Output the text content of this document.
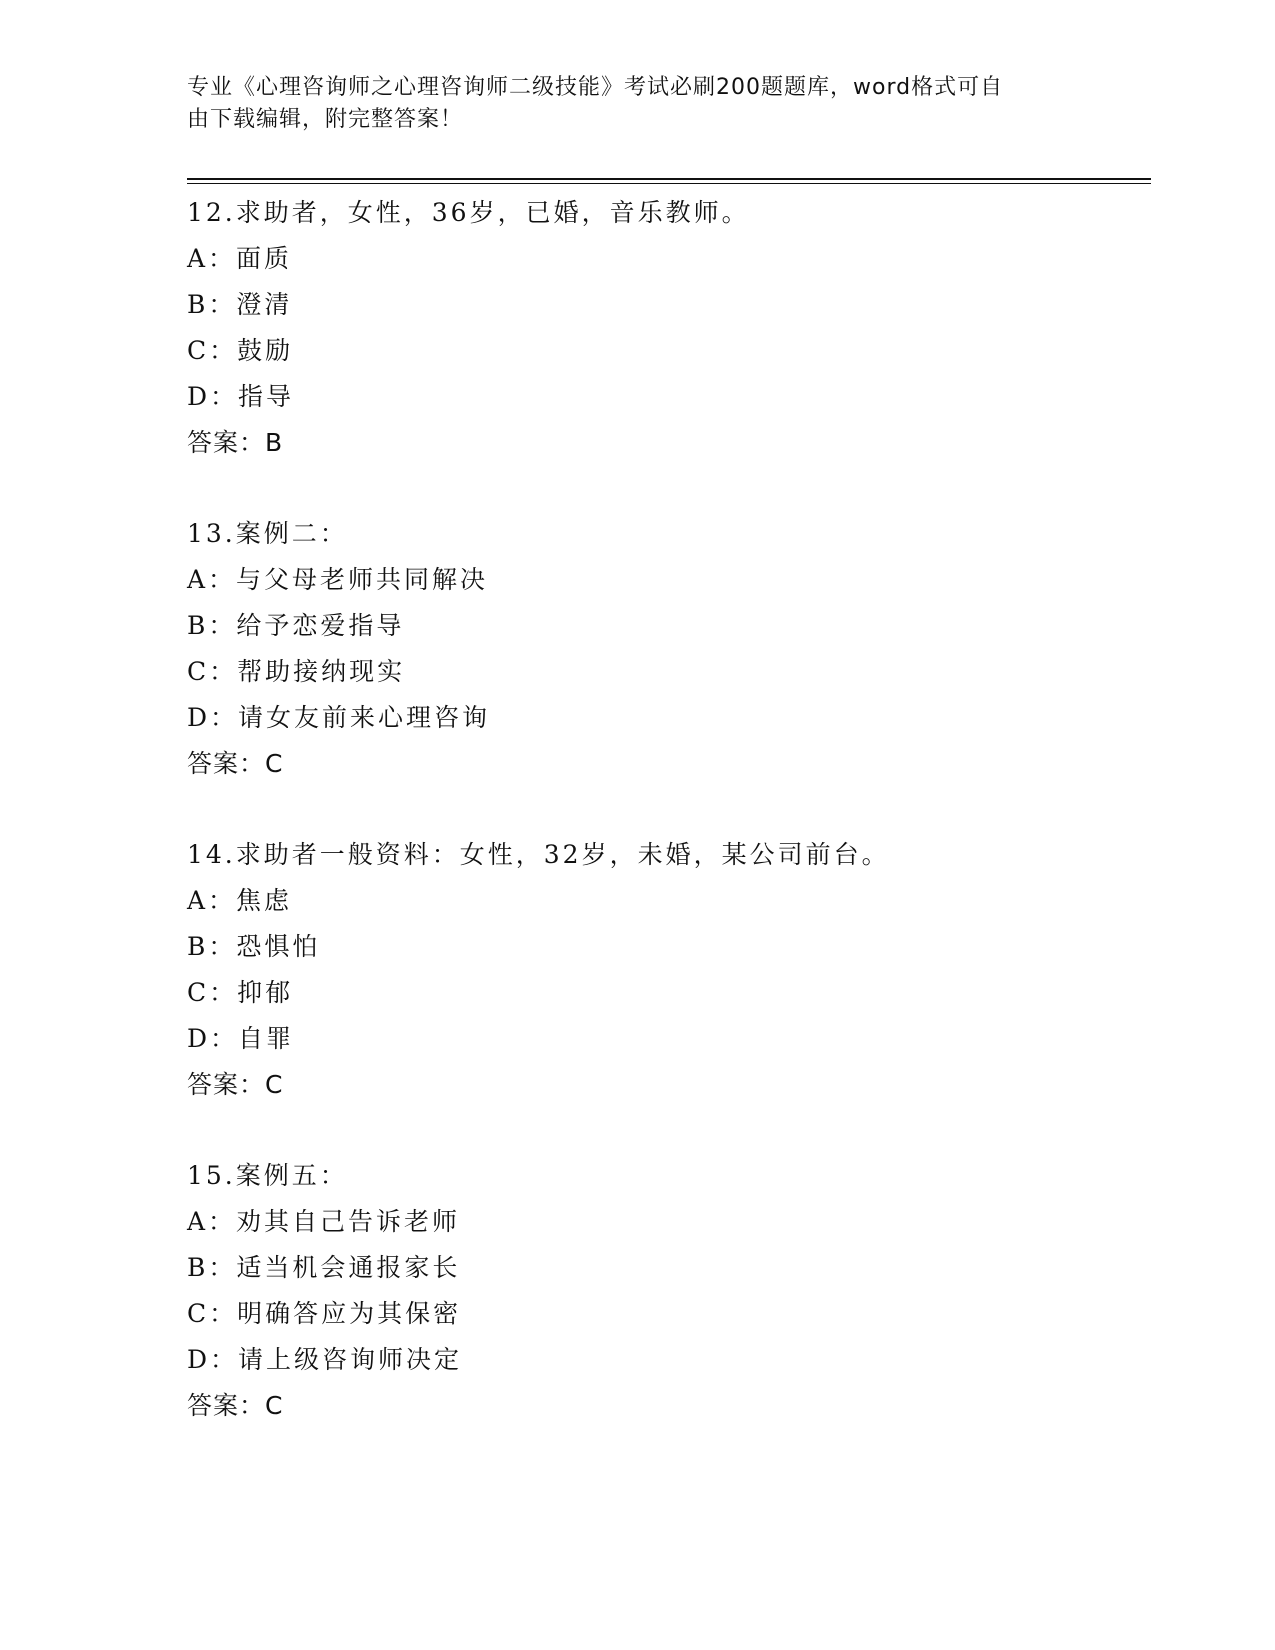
专业《心理咨询师之心理咨询师二级技能》考试必刷200题题库，word格式可自
由下载编辑，附完整答案！
12.求助者，女性，36岁，已婚，音乐教师。
A：面质
B：澄清
C：鼓励
D：指导
答案：B
13.案例二：
A：与父母老师共同解决
B：给予恋爱指导
C：帮助接纳现实
D：请女友前来心理咨询
答案：C
14.求助者一般资料：女性，32岁，未婚，某公司前台。
A：焦虑
B：恐惧怕
C：抑郁
D：自罪
答案：C
15.案例五：
A：劝其自己告诉老师
B：适当机会通报家长
C：明确答应为其保密
D：请上级咨询师决定
答案：C
